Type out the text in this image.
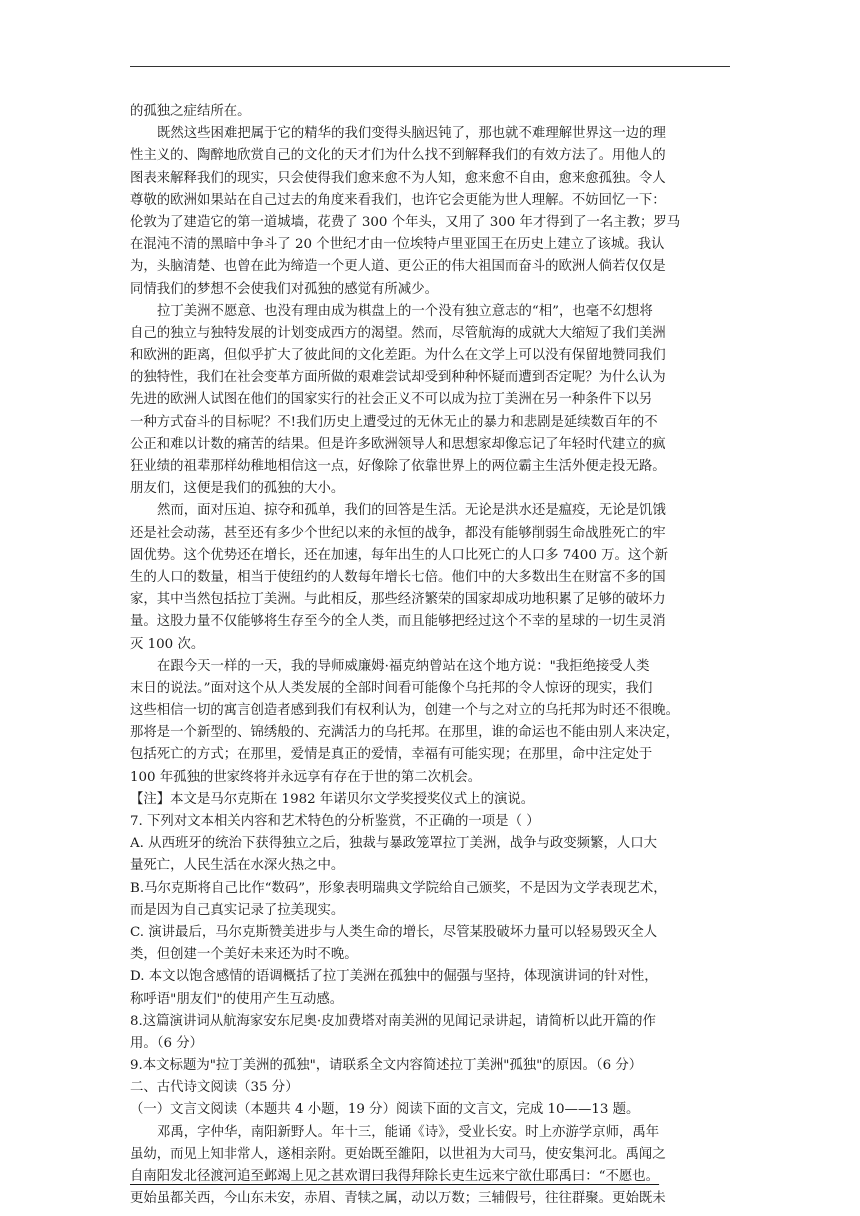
的孤独之症结所在。
既然这些困难把属于它的精华的我们变得头脑迟钝了，那也就不难理解世界这一边的理
性主义的、陶醉地欣赏自己的文化的天才们为什么找不到解释我们的有效方法了。用他人的
图表来解释我们的现实，只会使得我们愈来愈不为人知，愈来愈不自由，愈来愈孤独。令人
尊敬的欧洲如果站在自己过去的角度来看我们，也许它会更能为世人理解。不妨回忆一下：
伦敦为了建造它的第一道城墙，花费了 300 个年头，又用了 300 年才得到了一名主教；罗马
在混沌不清的黑暗中争斗了 20 个世纪才由一位埃特卢里亚国王在历史上建立了该城。我认
为，头脑清楚、也曾在此为缔造一个更人道、更公正的伟大祖国而奋斗的欧洲人倘若仅仅是
同情我们的梦想不会使我们对孤独的感觉有所减少。
拉丁美洲不愿意、也没有理由成为棋盘上的一个没有独立意志的“相”，也毫不幻想将
自己的独立与独特发展的计划变成西方的渴望。然而，尽管航海的成就大大缩短了我们美洲
和欧洲的距离，但似乎扩大了彼此间的文化差距。为什么在文学上可以没有保留地赞同我们
的独特性，我们在社会变革方面所做的艰难尝试却受到种种怀疑而遭到否定呢？为什么认为
先进的欧洲人试图在他们的国家实行的社会正义不可以成为拉丁美洲在另一种条件下以另
一种方式奋斗的目标呢？不!我们历史上遭受过的无休无止的暴力和悲剧是延续数百年的不
公正和难以计数的痛苦的结果。但是许多欧洲领导人和思想家却像忘记了年轻时代建立的疯
狂业绩的祖辈那样幼稚地相信这一点，好像除了依靠世界上的两位霸主生活外便走投无路。
朋友们，这便是我们的孤独的大小。
然而，面对压迫、掠夺和孤单，我们的回答是生活。无论是洪水还是瘟疫，无论是饥饿
还是社会动荡，甚至还有多少个世纪以来的永恒的战争，都没有能够削弱生命战胜死亡的牢
固优势。这个优势还在增长，还在加速，每年出生的人口比死亡的人口多 7400 万。这个新
生的人口的数量，相当于使纽约的人数每年增长七倍。他们中的大多数出生在财富不多的国
家，其中当然包括拉丁美洲。与此相反，那些经济繁荣的国家却成功地积累了足够的破坏力
量。这股力量不仅能够将生存至今的全人类，而且能够把经过这个不幸的星球的一切生灵消
灭 100 次。
在跟今天一样的一天，我的导师威廉姆·福克纳曾站在这个地方说："我拒绝接受人类
末日的说法。”面对这个从人类发展的全部时间看可能像个乌托邦的令人惊讶的现实，我们
这些相信一切的寓言创造者感到我们有权利认为，创建一个与之对立的乌托邦为时还不很晚。
那将是一个新型的、锦绣般的、充满活力的乌托邦。在那里，谁的命运也不能由别人来决定，
包括死亡的方式；在那里，爱情是真正的爱情，幸福有可能实现；在那里，命中注定处于
100 年孤独的世家终将并永远享有存在于世的第二次机会。
【注】本文是马尔克斯在 1982 年诺贝尔文学奖授奖仪式上的演说。
7. 下列对文本相关内容和艺术特色的分析鉴赏，不正确的一项是（ ）
A. 从西班牙的统治下获得独立之后，独裁与暴政笼罩拉丁美洲，战争与政变频繁，人口大
量死亡，人民生活在水深火热之中。
B.马尔克斯将自己比作“数码”，形象表明瑞典文学院给自己颁奖，不是因为文学表现艺术，
而是因为自己真实记录了拉美现实。
C. 演讲最后，马尔克斯赞美进步与人类生命的增长，尽管某股破坏力量可以轻易毁灭全人
类，但创建一个美好未来还为时不晚。
D. 本文以饱含感情的语调概括了拉丁美洲在孤独中的倔强与坚持，体现演讲词的针对性，
称呼语"朋友们"的使用产生互动感。
8.这篇演讲词从航海家安东尼奥·皮加费塔对南美洲的见闻记录讲起，请简析以此开篇的作
用。（6 分）
9.本文标题为"拉丁美洲的孤独"，请联系全文内容简述拉丁美洲"孤独"的原因。（6 分）
二、古代诗文阅读（35 分）
（一）文言文阅读（本题共 4 小题，19 分）阅读下面的文言文，完成 10——13 题。
邓禹，字仲华，南阳新野人。年十三，能诵《诗》，受业长安。时上亦游学京师，禹年
虽幼，而见上知非常人，遂相亲附。更始既至雒阳，以世祖为大司马，使安集河北。禹闻之
自南阳发北径渡河追至邺竭上见之甚欢谓曰我得拜除长吏生远来宁欲仕耶禹曰：“不愿也。
更始虽都关西，今山东未安，赤眉、青犊之属，动以万数；三辅假号，往往群聚。更始既未
